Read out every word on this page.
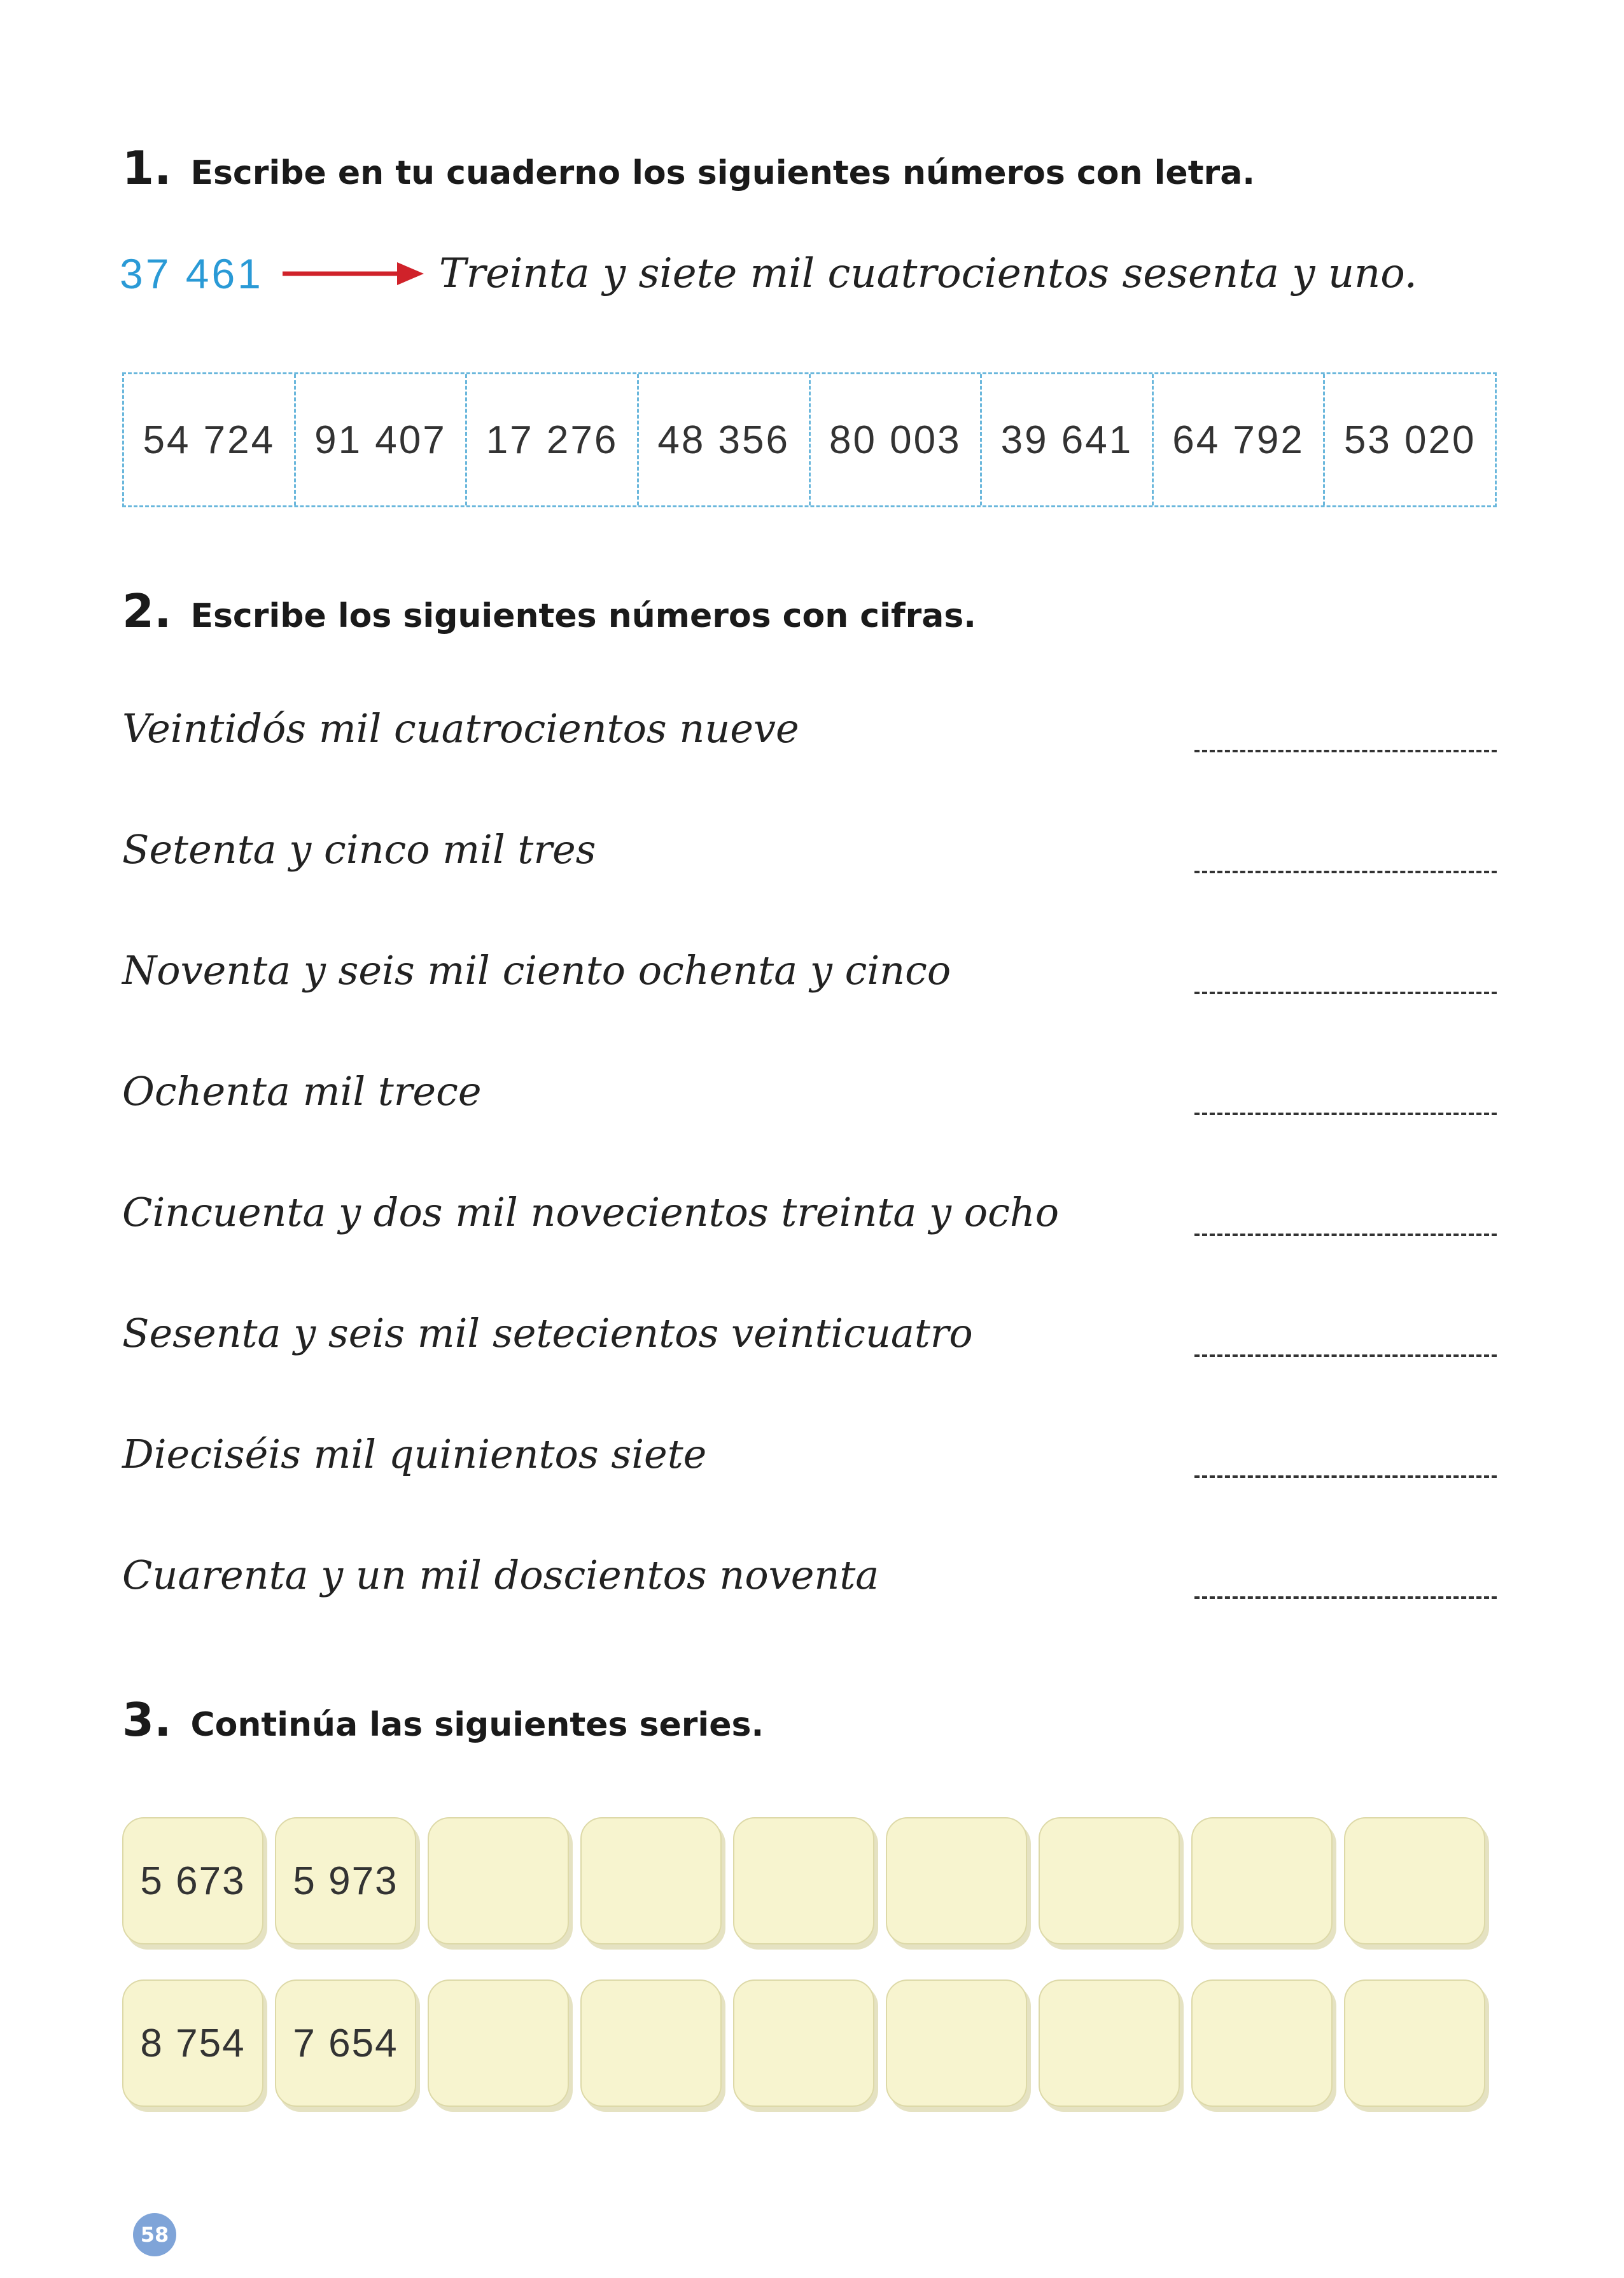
1. Escribe en tu cuaderno los siguientes números con letra.
37 461	Treinta y siete mil cuatrocientos sesenta y uno.
54 724 91 407 17 276 48 356 80 003 39 641 64 792 53 020
2. Escribe los siguientes números con cifras.
Veintidós mil cuatrocientos nueve
Setenta y cinco mil tres
Noventa y seis mil ciento ochenta y cinco
Ochenta mil trece
Cincuenta y dos mil novecientos treinta y ocho
Sesenta y seis mil setecientos veinticuatro
Dieciséis mil quinientos siete
Cuarenta y un mil doscientos noventa
3. Continúa las siguientes series.
5 673	5 973
8 754	7 654
58
